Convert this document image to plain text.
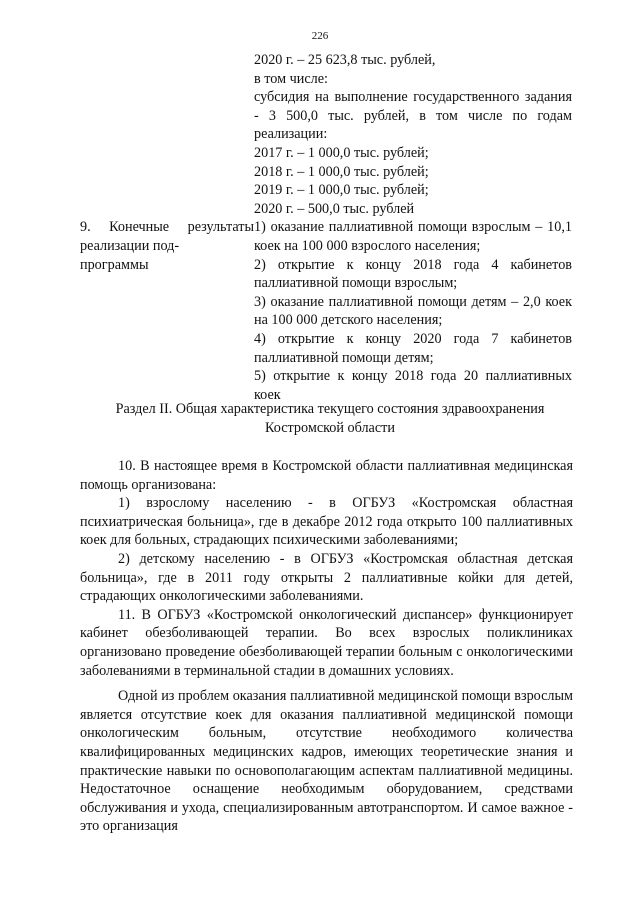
226

2020 г. – 25 623,8 тыс. рублей,

в том числе:

субсидия на выполнение государственного задания - 3 500,0 тыс. рублей, в том числе по годам реализации:

2017 г. – 1 000,0 тыс. рублей;

2018 г. – 1 000,0 тыс. рублей;

2019 г. – 1 000,0 тыс. рублей;

2020 г. – 500,0 тыс. рублей

9. Конечные результаты реализации под-
программы

1) оказание паллиативной помощи взрослым – 10,1 коек на 100 000 взрослого населения;

2) открытие к концу 2018 года 4 кабинетов паллиативной помощи взрослым;

3) оказание паллиативной помощи детям – 2,0 коек на 100 000 детского населения;

4) открытие к концу 2020 года 7 кабинетов паллиативной помощи детям;

5) открытие к концу 2018 года 20 паллиативных коек

Раздел II. Общая характеристика текущего состояния здравоохранения
Костромской области

10. В настоящее время в Костромской области паллиативная медицинская помощь организована:

1) взрослому населению - в ОГБУЗ «Костромская областная психиатрическая больница», где в декабре 2012 года открыто 100 паллиативных коек для больных, страдающих психическими заболеваниями;

2) детскому населению - в ОГБУЗ «Костромская областная детская больница», где в 2011 году открыты 2 паллиативные койки для детей, страдающих онкологическими заболеваниями.

11. В ОГБУЗ «Костромской онкологический диспансер» функционирует кабинет обезболивающей терапии. Во всех взрослых поликлиниках организовано проведение обезболивающей терапии больным с онкологическими заболеваниями в терминальной стадии в домашних условиях.

Одной из проблем оказания паллиативной медицинской помощи взрослым является отсутствие коек для оказания паллиативной медицинской помощи онкологическим больным, отсутствие необходимого количества квалифицированных медицинских кадров, имеющих теоретические знания и практические навыки по основополагающим аспектам паллиативной медицины. Недостаточное оснащение необходимым оборудованием, средствами обслуживания и ухода, специализированным автотранспортом. И самое важное - это организация
